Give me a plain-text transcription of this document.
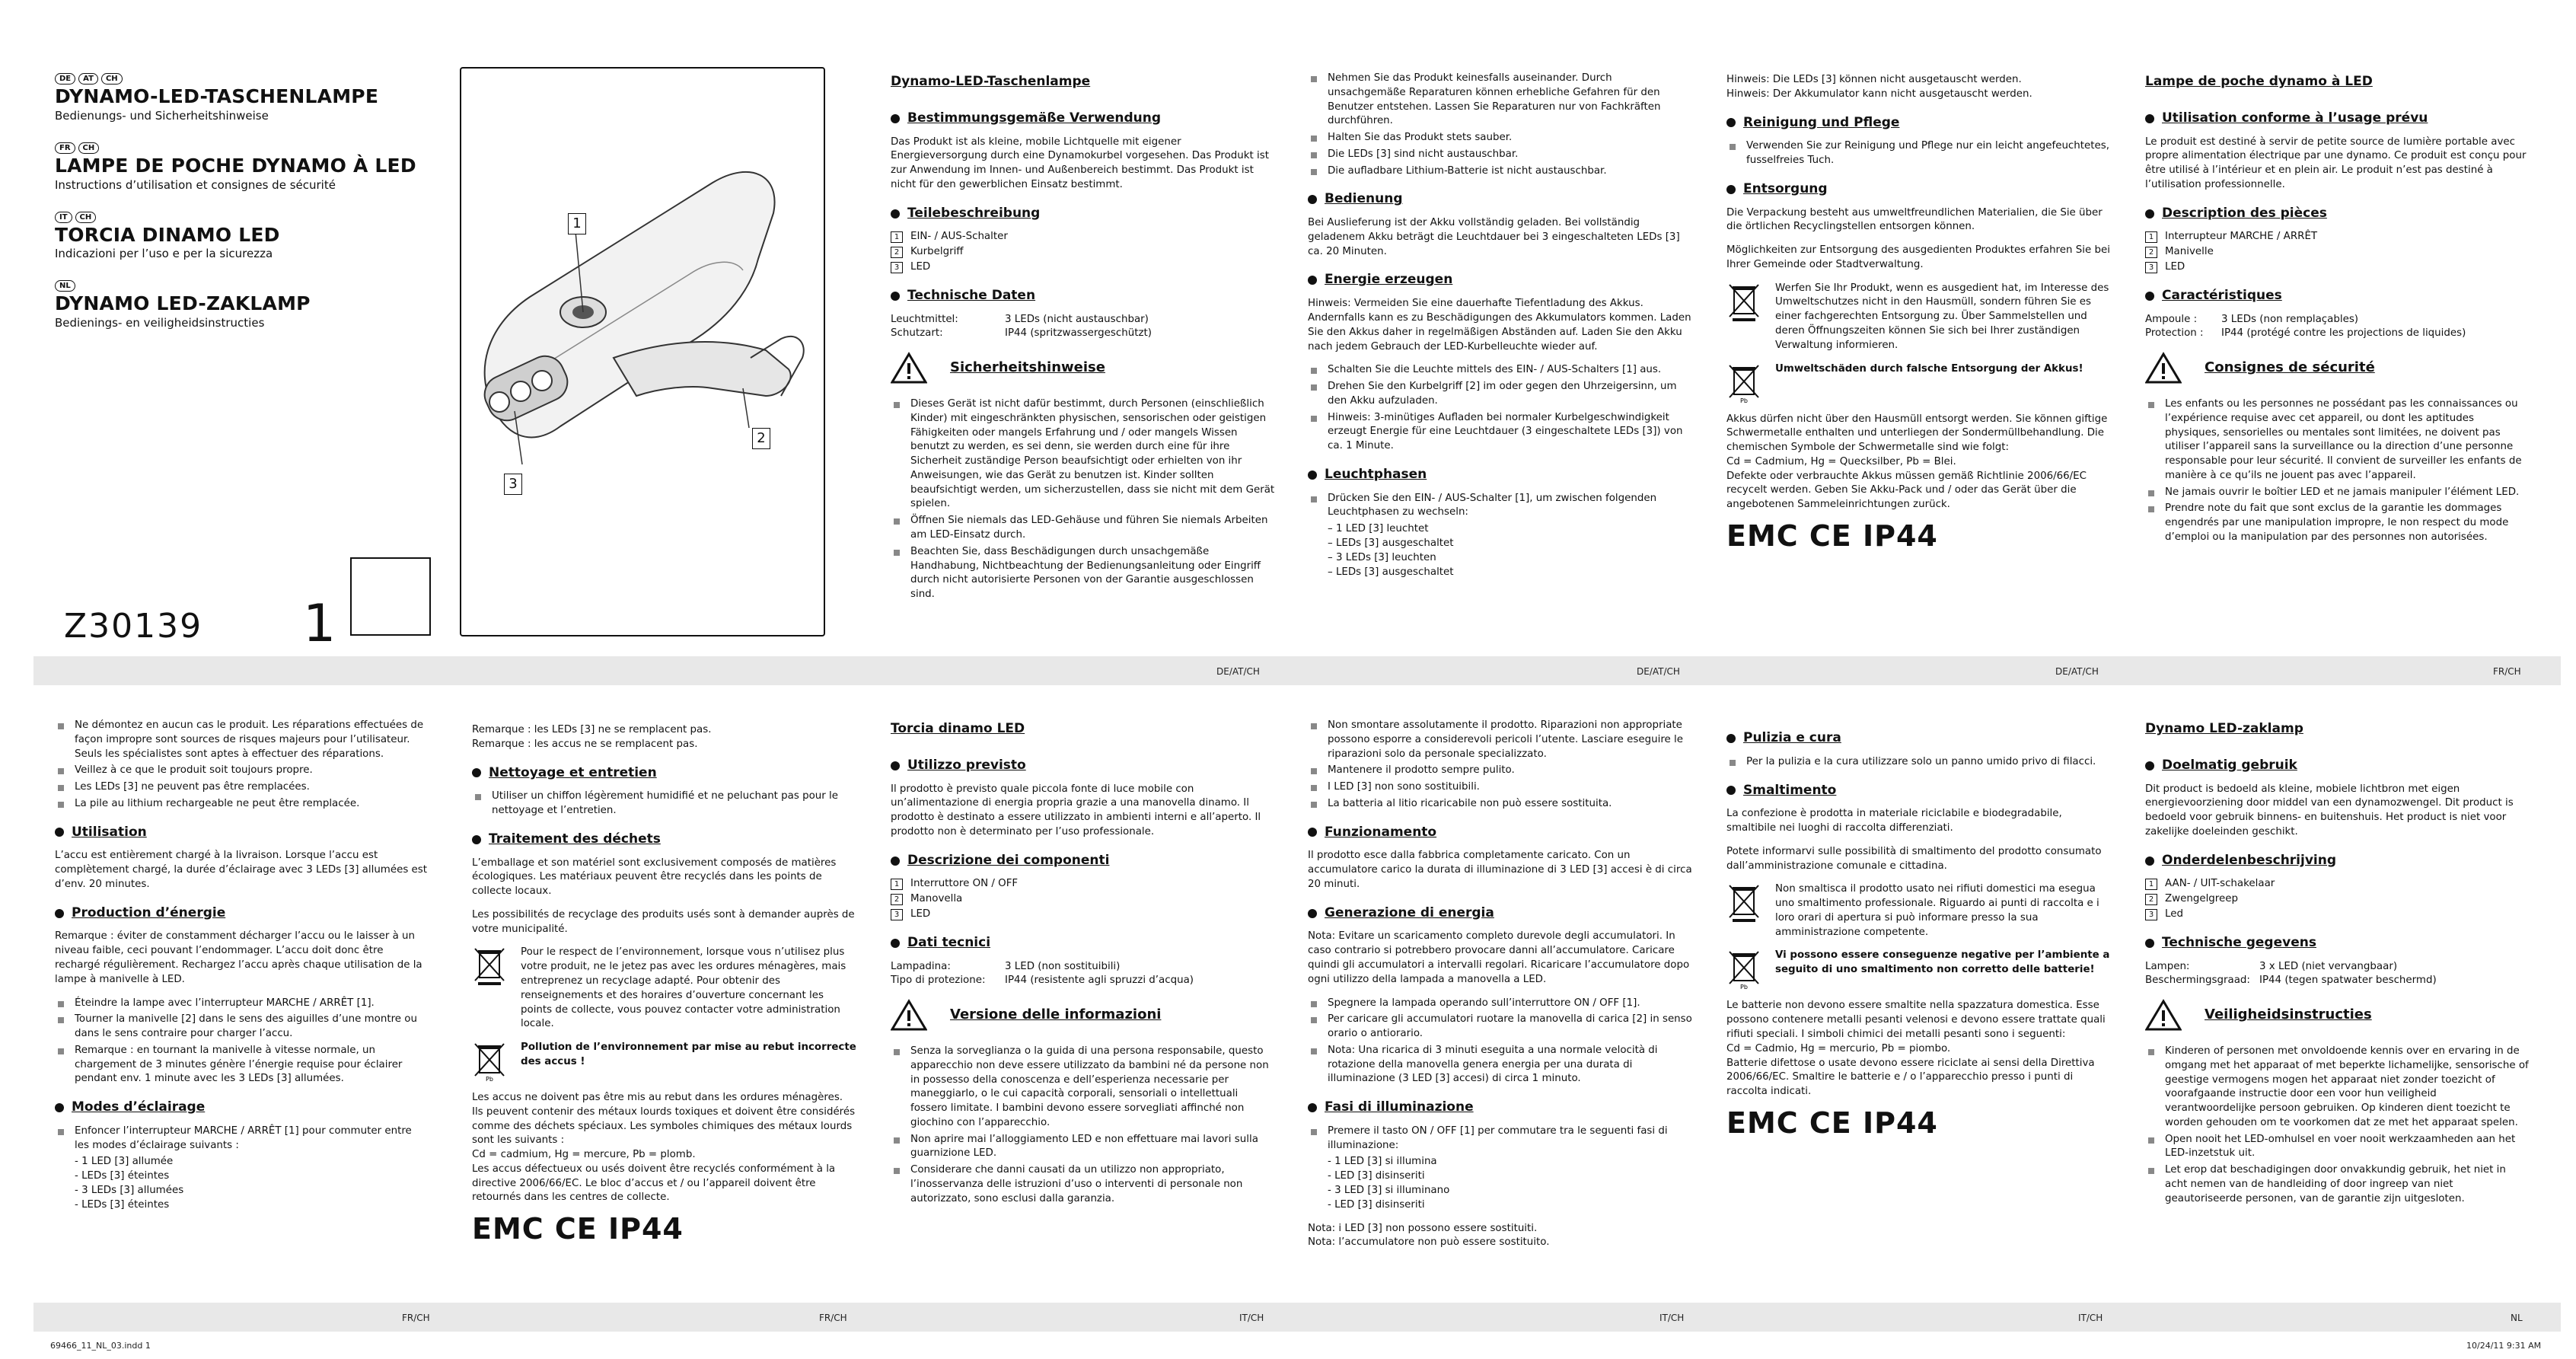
DE	AT	CH
DYNAMO-LED-TASCHENLAMPE
Bedienungs- und Sicherheitshinweise
FR	CH
LAMPE DE POCHE DYNAMO À LED
Instructions d’utilisation et consignes de sécurité
IT	CH
TORCIA DINAMO LED
Indicazioni per l’uso e per la sicurezza
NL
DYNAMO LED-ZAKLAMP
Bedienings- en veiligheidsinstructies
Z30139 1
1
2
3
Dynamo-LED-Taschenlampe
Bestimmungsgemäße Verwendung
Das Produkt ist als kleine, mobile Lichtquelle mit eigener Energieversorgung durch eine Dynamokurbel vorgesehen. Das Produkt ist zur Anwendung im Innen- und Außenbereich bestimmt. Das Produkt ist nicht für den gewerblichen Einsatz bestimmt.
Teilebeschreibung
1	EIN- / AUS-Schalter
2	Kurbelgriff
3	LED
Technische Daten
Leuchtmittel:	3 LEDs (nicht austauschbar)
Schutzart:	IP44 (spritzwassergeschützt)
Sicherheitshinweise
Dieses Gerät ist nicht dafür bestimmt, durch Personen (einschließlich Kinder) mit eingeschränkten physischen, sensorischen oder geistigen Fähigkeiten oder mangels Erfahrung und / oder mangels Wissen benutzt zu werden, es sei denn, sie werden durch eine für ihre Sicherheit zuständige Person beaufsichtigt oder erhielten von ihr Anweisungen, wie das Gerät zu benutzen ist. Kinder sollten beaufsichtigt werden, um sicherzustellen, dass sie nicht mit dem Gerät spielen.
Öffnen Sie niemals das LED-Gehäuse und führen Sie niemals Arbeiten am LED-Einsatz durch.
Beachten Sie, dass Beschädigungen durch unsachgemäße Handhabung, Nichtbeachtung der Bedienungsanleitung oder Eingriff durch nicht autorisierte Personen von der Garantie ausgeschlossen sind.
Nehmen Sie das Produkt keinesfalls auseinander. Durch unsachgemäße Reparaturen können erhebliche Gefahren für den Benutzer entstehen. Lassen Sie Reparaturen nur von Fachkräften durchführen.
Halten Sie das Produkt stets sauber.
Die LEDs [3] sind nicht austauschbar.
Die aufladbare Lithium-Batterie ist nicht austauschbar.
Bedienung
Bei Auslieferung ist der Akku vollständig geladen. Bei vollständig geladenem Akku beträgt die Leuchtdauer bei 3 eingeschalteten LEDs [3] ca. 20 Minuten.
Energie erzeugen
Hinweis: Vermeiden Sie eine dauerhafte Tiefentladung des Akkus. Andernfalls kann es zu Beschädigungen des Akkumulators kommen. Laden Sie den Akkus daher in regelmäßigen Abständen auf. Laden Sie den Akku nach jedem Gebrauch der LED-Kurbelleuchte wieder auf.
Schalten Sie die Leuchte mittels des EIN- / AUS-Schalters [1] aus.
Drehen Sie den Kurbelgriff [2] im oder gegen den Uhrzeigersinn, um den Akku aufzuladen.
Hinweis: 3-minütiges Aufladen bei normaler Kurbelgeschwindigkeit erzeugt Energie für eine Leuchtdauer (3 eingeschaltete LEDs [3]) von ca. 1 Minute.
Leuchtphasen
Drücken Sie den EIN- / AUS-Schalter [1], um zwischen folgenden Leuchtphasen zu wechseln:
– 1 LED [3] leuchtet
– LEDs [3] ausgeschaltet
– 3 LEDs [3] leuchten
– LEDs [3] ausgeschaltet
Hinweis: Die LEDs [3] können nicht ausgetauscht werden.
Hinweis: Der Akkumulator kann nicht ausgetauscht werden.
Reinigung und Pflege
Verwenden Sie zur Reinigung und Pflege nur ein leicht angefeuchtetes, fusselfreies Tuch.
Entsorgung
Die Verpackung besteht aus umweltfreundlichen Materialien, die Sie über die örtlichen Recyclingstellen entsorgen können.
Möglichkeiten zur Entsorgung des ausgedienten Produktes erfahren Sie bei Ihrer Gemeinde oder Stadtverwaltung.
Werfen Sie Ihr Produkt, wenn es ausgedient hat, im Interesse des Umweltschutzes nicht in den Hausmüll, sondern führen Sie es einer fachgerechten Entsorgung zu. Über Sammelstellen und deren Öffnungszeiten können Sie sich bei Ihrer zuständigen Verwaltung informieren.
Pb
Umweltschäden durch falsche Entsorgung der Akkus!
Akkus dürfen nicht über den Hausmüll entsorgt werden. Sie können giftige Schwermetalle enthalten und unterliegen der Sondermüllbehandlung. Die chemischen Symbole der Schwermetalle sind wie folgt:
Cd = Cadmium, Hg = Quecksilber, Pb = Blei.
Defekte oder verbrauchte Akkus müssen gemäß Richtlinie 2006/66/EC recycelt werden. Geben Sie Akku-Pack und / oder das Gerät über die angebotenen Sammeleinrichtungen zurück.
EMC CE IP44
Lampe de poche dynamo à LED
Utilisation conforme à l’usage prévu
Le produit est destiné à servir de petite source de lumière portable avec propre alimentation électrique par une dynamo. Ce produit est conçu pour être utilisé à l’intérieur et en plein air. Le produit n’est pas destiné à l’utilisation professionnelle.
Description des pièces
1	Interrupteur MARCHE / ARRÊT
2	Manivelle
3	LED
Caractéristiques
Ampoule :	3 LEDs (non remplaçables)
Protection :	IP44 (protégé contre les projections de liquides)
Consignes de sécurité
Les enfants ou les personnes ne possédant pas les connaissances ou l’expérience requise avec cet appareil, ou dont les aptitudes physiques, sensorielles ou mentales sont limitées, ne doivent pas utiliser l’appareil sans la surveillance ou la direction d’une personne responsable pour leur sécurité. Il convient de surveiller les enfants de manière à ce qu’ils ne jouent pas avec l’appareil.
Ne jamais ouvrir le boîtier LED et ne jamais manipuler l’élément LED.
Prendre note du fait que sont exclus de la garantie les dommages engendrés par une manipulation impropre, le non respect du mode d’emploi ou la manipulation par des personnes non autorisées.
DE/AT/CH	DE/AT/CH	DE/AT/CH	FR/CH
Ne démontez en aucun cas le produit. Les réparations effectuées de façon impropre sont sources de risques majeurs pour l’utilisateur. Seuls les spécialistes sont aptes à effectuer des réparations.
Veillez à ce que le produit soit toujours propre.
Les LEDs [3] ne peuvent pas être remplacées.
La pile au lithium rechargeable ne peut être remplacée.
Utilisation
L’accu est entièrement chargé à la livraison. Lorsque l’accu est complètement chargé, la durée d’éclairage avec 3 LEDs [3] allumées est d’env. 20 minutes.
Production d’énergie
Remarque : éviter de constamment décharger l’accu ou le laisser à un niveau faible, ceci pouvant l’endommager. L’accu doit donc être rechargé régulièrement. Rechargez l’accu après chaque utilisation de la lampe à manivelle à LED.
Éteindre la lampe avec l’interrupteur MARCHE / ARRÊT [1].
Tourner la manivelle [2] dans le sens des aiguilles d’une montre ou dans le sens contraire pour charger l’accu.
Remarque : en tournant la manivelle à vitesse normale, un chargement de 3 minutes génère l’énergie requise pour éclairer pendant env. 1 minute avec les 3 LEDs [3] allumées.
Modes d’éclairage
Enfoncer l’interrupteur MARCHE / ARRÊT [1] pour commuter entre les modes d’éclairage suivants :
- 1 LED [3] allumée
- LEDs [3] éteintes
- 3 LEDs [3] allumées
- LEDs [3] éteintes
Remarque : les LEDs [3] ne se remplacent pas.
Remarque : les accus ne se remplacent pas.
Nettoyage et entretien
Utiliser un chiffon légèrement humidifié et ne peluchant pas pour le nettoyage et l’entretien.
Traitement des déchets
L’emballage et son matériel sont exclusivement composés de matières écologiques. Les matériaux peuvent être recyclés dans les points de collecte locaux.
Les possibilités de recyclage des produits usés sont à demander auprès de votre municipalité.
Pour le respect de l’environnement, lorsque vous n’utilisez plus votre produit, ne le jetez pas avec les ordures ménagères, mais entreprenez un recyclage adapté. Pour obtenir des renseignements et des horaires d’ouverture concernant les points de collecte, vous pouvez contacter votre administration locale.
Pb
Pollution de l’environnement par mise au rebut incorrecte des accus !
Les accus ne doivent pas être mis au rebut dans les ordures ménagères. Ils peuvent contenir des métaux lourds toxiques et doivent être considérés comme des déchets spéciaux. Les symboles chimiques des métaux lourds sont les suivants :
Cd = cadmium, Hg = mercure, Pb = plomb.
Les accus défectueux ou usés doivent être recyclés conformément à la directive 2006/66/EC. Le bloc d’accus et / ou l’appareil doivent être retournés dans les centres de collecte.
EMC CE IP44
Torcia dinamo LED
Utilizzo previsto
Il prodotto è previsto quale piccola fonte di luce mobile con un’alimentazione di energia propria grazie a una manovella dinamo. Il prodotto è destinato a essere utilizzato in ambienti interni e all’aperto. Il prodotto non è determinato per l’uso professionale.
Descrizione dei componenti
1	Interruttore ON / OFF
2	Manovella
3	LED
Dati tecnici
Lampadina:	3 LED (non sostituibili)
Tipo di protezione:	IP44 (resistente agli spruzzi d’acqua)
Versione delle informazioni
Senza la sorveglianza o la guida di una persona responsabile, questo apparecchio non deve essere utilizzato da bambini né da persone non in possesso della conoscenza e dell’esperienza necessarie per maneggiarlo, o le cui capacità corporali, sensoriali o intellettuali fossero limitate. I bambini devono essere sorvegliati affinché non giochino con l’apparecchio.
Non aprire mai l’alloggiamento LED e non effettuare mai lavori sulla guarnizione LED.
Considerare che danni causati da un utilizzo non appropriato, l’inosservanza delle istruzioni d’uso o interventi di personale non autorizzato, sono esclusi dalla garanzia.
Non smontare assolutamente il prodotto. Riparazioni non appropriate possono esporre a considerevoli pericoli l’utente. Lasciare eseguire le riparazioni solo da personale specializzato.
Mantenere il prodotto sempre pulito.
I LED [3] non sono sostituibili.
La batteria al litio ricaricabile non può essere sostituita.
Funzionamento
Il prodotto esce dalla fabbrica completamente caricato. Con un accumulatore carico la durata di illuminazione di 3 LED [3] accesi è di circa 20 minuti.
Generazione di energia
Nota: Evitare un scaricamento completo durevole degli accumulatori. In caso contrario si potrebbero provocare danni all’accumulatore. Caricare quindi gli accumulatori a intervalli regolari. Ricaricare l’accumulatore dopo ogni utilizzo della lampada a manovella a LED.
Spegnere la lampada operando sull’interruttore ON / OFF [1].
Per caricare gli accumulatori ruotare la manovella di carica [2] in senso orario o antiorario.
Nota: Una ricarica di 3 minuti eseguita a una normale velocità di rotazione della manovella genera energia per una durata di illuminazione (3 LED [3] accesi) di circa 1 minuto.
Fasi di illuminazione
Premere il tasto ON / OFF [1] per commutare tra le seguenti fasi di illuminazione:
- 1 LED [3] si illumina
- LED [3] disinseriti
- 3 LED [3] si illuminano
- LED [3] disinseriti
Nota: i LED [3] non possono essere sostituiti.
Nota: l’accumulatore non può essere sostituito.
Pulizia e cura
Per la pulizia e la cura utilizzare solo un panno umido privo di filacci.
Smaltimento
La confezione è prodotta in materiale riciclabile e biodegradabile, smaltibile nei luoghi di raccolta differenziati.
Potete informarvi sulle possibilità di smaltimento del prodotto consumato dall’amministrazione comunale e cittadina.
Non smaltisca il prodotto usato nei rifiuti domestici ma esegua uno smaltimento professionale. Riguardo ai punti di raccolta e i loro orari di apertura si può informare presso la sua amministrazione competente.
Pb
Vi possono essere conseguenze negative per l’ambiente a seguito di uno smaltimento non corretto delle batterie!
Le batterie non devono essere smaltite nella spazzatura domestica. Esse possono contenere metalli pesanti velenosi e devono essere trattate quali rifiuti speciali. I simboli chimici dei metalli pesanti sono i seguenti:
Cd = Cadmio, Hg = mercurio, Pb = piombo.
Batterie difettose o usate devono essere riciclate ai sensi della Direttiva 2006/66/EC. Smaltire le batterie e / o l’apparecchio presso i punti di raccolta indicati.
EMC CE IP44
Dynamo LED-zaklamp
Doelmatig gebruik
Dit product is bedoeld als kleine, mobiele lichtbron met eigen energievoorziening door middel van een dynamozwengel. Dit product is bedoeld voor gebruik binnens- en buitenshuis. Het product is niet voor zakelijke doeleinden geschikt.
Onderdelenbeschrijving
1	AAN- / UIT-schakelaar
2	Zwengelgreep
3	Led
Technische gegevens
Lampen:	3 x LED (niet vervangbaar)
Beschermingsgraad: IP44 (tegen spatwater beschermd)
Veiligheidsinstructies
Kinderen of personen met onvoldoende kennis over en ervaring in de omgang met het apparaat of met beperkte lichamelijke, sensorische of geestige vermogens mogen het apparaat niet zonder toezicht of voorafgaande instructie door een voor hun veiligheid verantwoordelijke persoon gebruiken. Op kinderen dient toezicht te worden gehouden om te voorkomen dat ze met het apparaat spelen.
Open nooit het LED-omhulsel en voer nooit werkzaamheden aan het LED-inzetstuk uit.
Let erop dat beschadigingen door onvakkundig gebruik, het niet in acht nemen van de handleiding of door ingreep van niet geautoriseerde personen, van de garantie zijn uitgesloten.
FR/CH	FR/CH	IT/CH	IT/CH	IT/CH	NL
69466_11_NL_03.indd 1	10/24/11 9:31 AM
